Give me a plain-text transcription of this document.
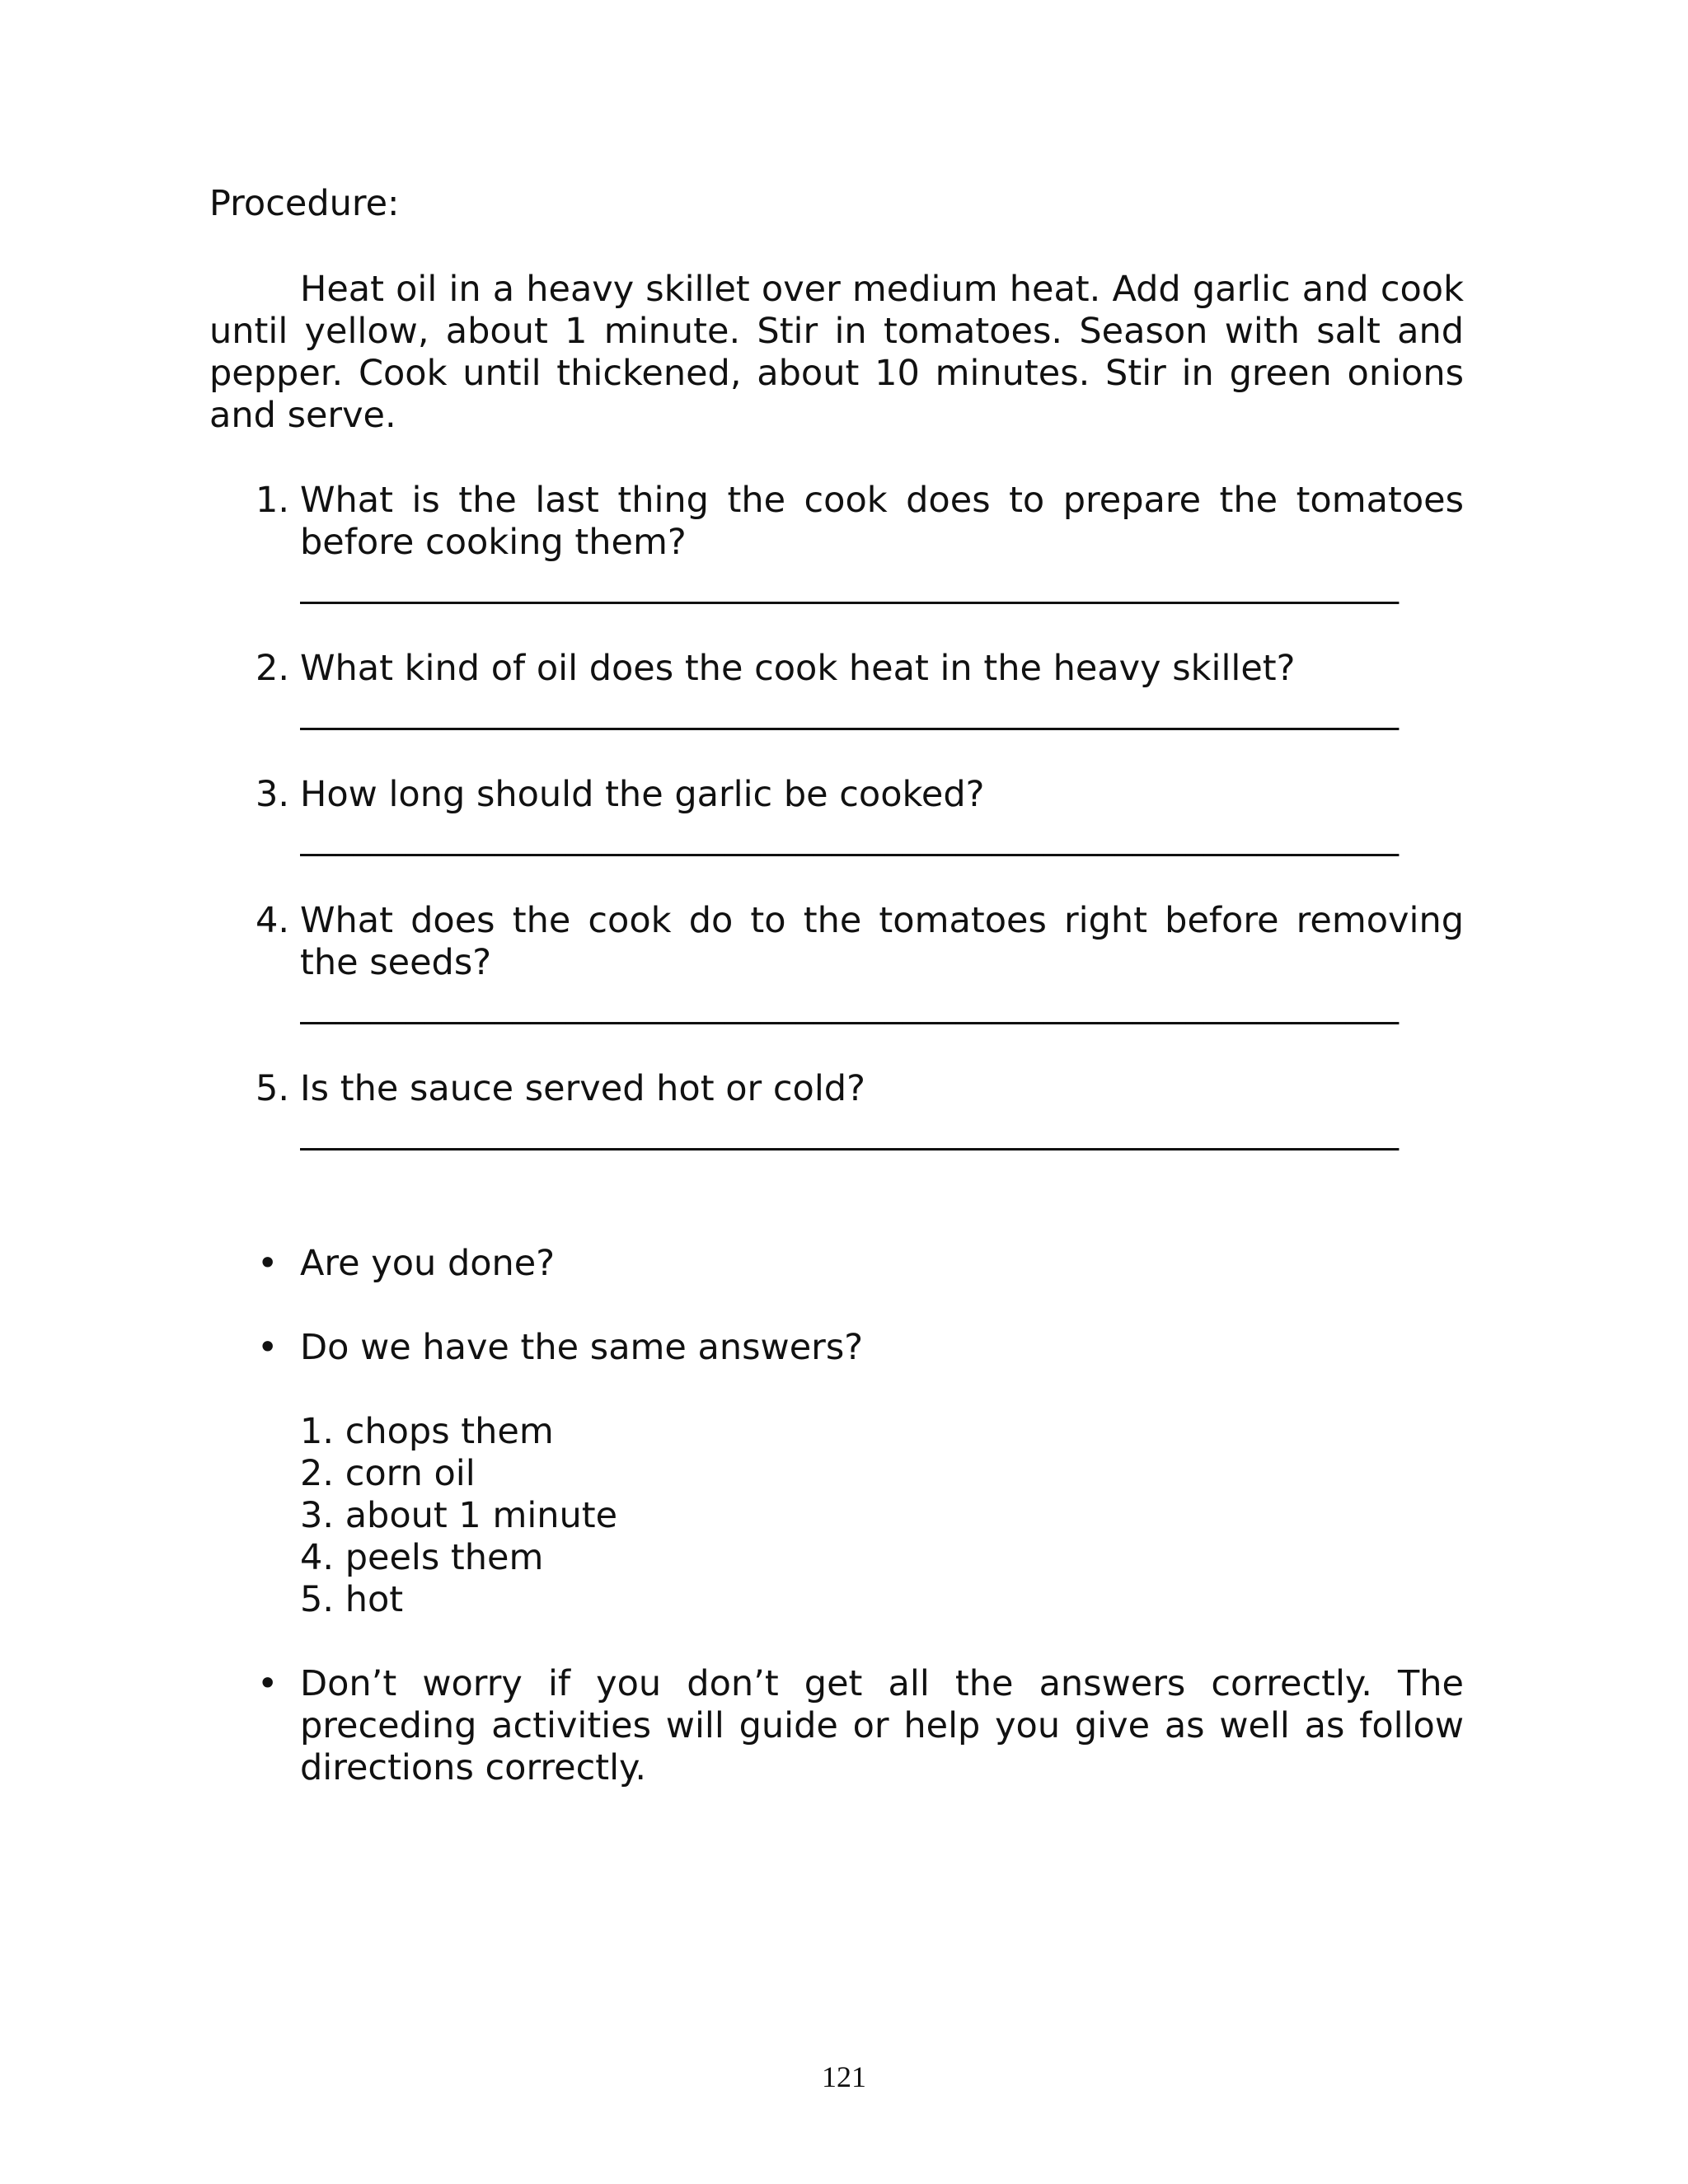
Procedure:
Heat oil in a heavy skillet over medium heat. Add garlic and cook until yellow, about 1 minute. Stir in tomatoes. Season with salt and pepper. Cook until thickened, about 10 minutes. Stir in green onions and serve.
1. What is the last thing the cook does to prepare the tomatoes before cooking them?
______________________________________________________________
2. What kind of oil does the cook heat in the heavy skillet?
______________________________________________________________
3. How long should the garlic be cooked?
______________________________________________________________
4. What does the cook do to the tomatoes right before removing the seeds?
______________________________________________________________
5. Is the sauce served hot or cold?
______________________________________________________________
• Are you done?
• Do we have the same answers?
1. chops them
2. corn oil
3. about 1 minute
4. peels them
5. hot
• Don’t worry if you don’t get all the answers correctly. The preceding activities will guide or help you give as well as follow directions correctly.
121
